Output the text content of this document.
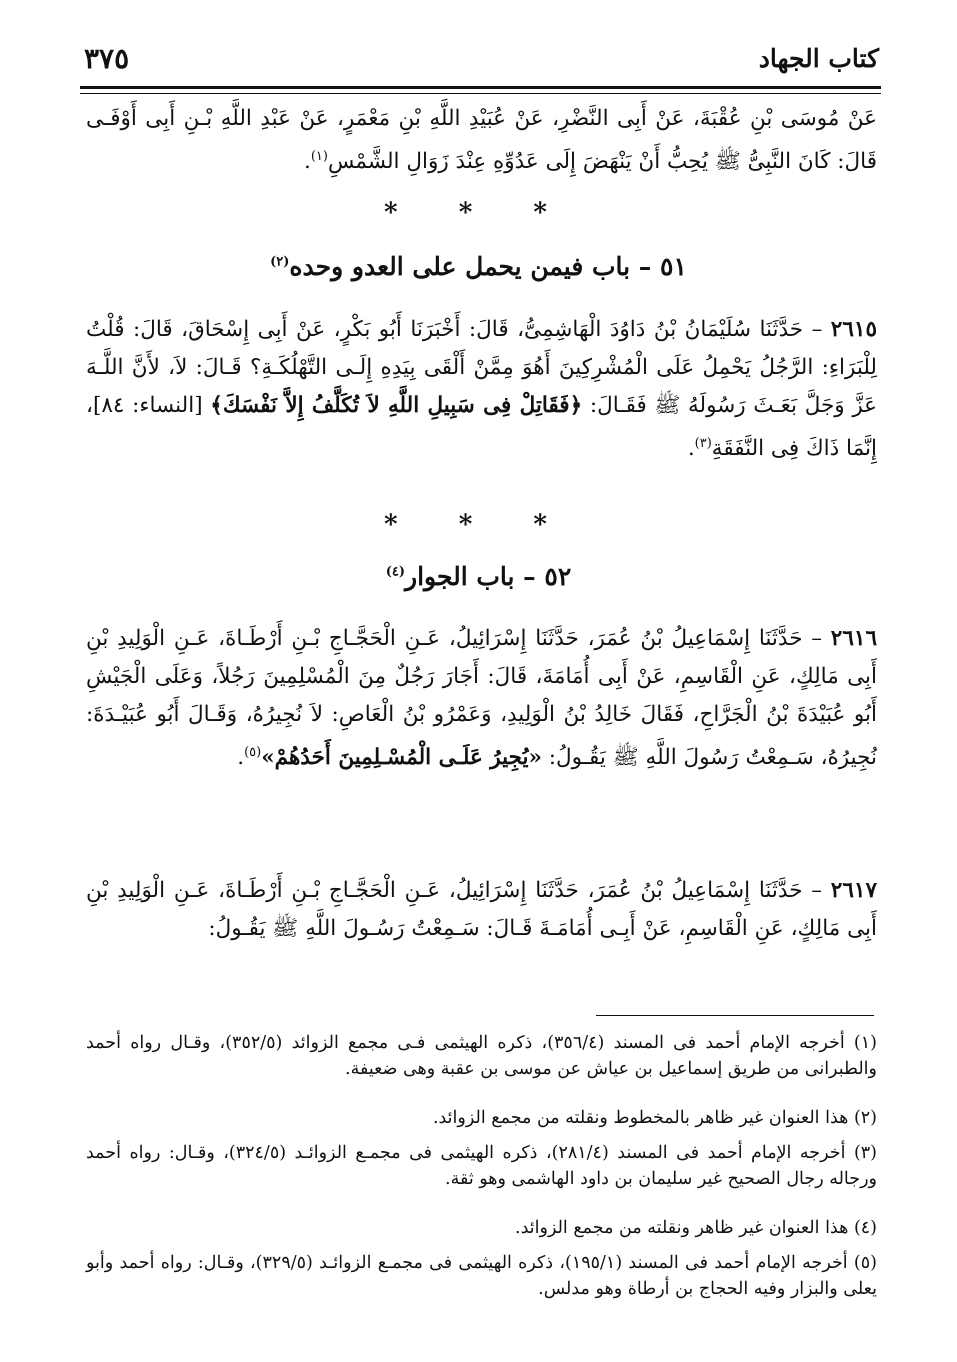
كتاب الجهاد
٣٧٥

عَنْ مُوسَى بْنِ عُقْبَةَ، عَنْ أَبِى النَّضْرِ، عَنْ عُبَيْدِ اللَّهِ بْنِ مَعْمَرٍ، عَنْ عَبْدِ اللَّهِ بْـنِ أَبِى أَوْفَـى قَالَ: كَانَ النَّبِىُّ ﷺ يُحِبُّ أَنْ يَنْهَضَ إِلَى عَدُوِّهِ عِنْدَ زَوَالِ الشَّمْسِ$^{(١)}$.

* * *
٥١ – باب فيمن يحمل على العدو وحده$^{(٢)}$

٢٦١٥ – حَدَّثَنَا سُلَيْمَانُ بْنُ دَاوُدَ الْهَاشِمِىُّ، قَالَ: أَخْبَرَنَا أَبُو بَكْرٍ، عَنْ أَبِى إِسْحَاقَ، قَالَ: قُلْتُ لِلْبَرَاءِ: الرَّجُلُ يَحْمِلُ عَلَى الْمُشْرِكِينَ أَهُوَ مِمَّنْ أَلْقَى بِيَدِهِ إِلَـى التَّهْلُكَـةِ؟ قَـالَ: لاَ، لأَنَّ اللَّـهَ عَزَّ وَجَلَّ بَعَـثَ رَسُولَهُ ﷺ فَقَـالَ: ﴿فَقَاتِلْ فِى سَبِيلِ اللَّهِ لاَ تُكَلَّفُ إِلاَّ نَفْسَكَ﴾ [النساء: ٨٤]، إِنَّمَا ذَاكَ فِى النَّفَقَةِ$^{(٣)}$.

* * *
٥٢ – باب الجوار$^{(٤)}$

٢٦١٦ – حَدَّثَنَا إِسْمَاعِيلُ بْنُ عُمَرَ، حَدَّثَنَا إِسْرَائِيلُ، عَـنِ الْحَجَّـاجِ بْـنِ أَرْطَـاةَ، عَـنِ الْوَلِيدِ بْنِ أَبِى مَالِكٍ، عَنِ الْقَاسِمِ، عَنْ أَبِى أُمَامَةَ، قَالَ: أَجَارَ رَجُلٌ مِنَ الْمُسْلِمِينَ رَجُلاً، وَعَلَى الْجَيْشِ أَبُو عُبَيْدَةَ بْنُ الْجَرَّاحِ، فَقَالَ خَالِدُ بْنُ الْوَلِيدِ، وَعَمْرُو بْنُ الْعَاصِ: لاَ نُجِيرُهُ، وَقَـالَ أَبُو عُبَيْـدَةَ: نُجِيرُهُ، سَـمِعْتُ رَسُولَ اللَّهِ ﷺ يَقُـولُ: «يُجِيرُ عَلَـى الْمُسْـلِمِينَ أَحَدُهُمْ»$^{(٥)}$.

٢٦١٧ – حَدَّثَنَا إِسْمَاعِيلُ بْنُ عُمَرَ، حَدَّثَنَا إِسْرَائِيلُ، عَـنِ الْحَجَّـاجِ بْـنِ أَرْطَـاةَ، عَـنِ الْوَلِيدِ بْنِ أَبِى مَالِكٍ، عَنِ الْقَاسِمِ، عَنْ أَبِـى أُمَامَـةَ قَـالَ: سَـمِعْتُ رَسُـولَ اللَّهِ ﷺ يَقُـولُ:

(١) أخرجه الإمام أحمد فى المسند (٣٥٦/٤)، ذكره الهيثمى فـى مجمع الزوائد (٣٥٢/٥)، وقـال رواه أحمد والطبرانى من طريق إسماعيل بن عياش عن موسى بن عقبة وهى ضعيفة.

(٢) هذا العنوان غير ظاهر بالمخطوط ونقلته من مجمع الزوائد.

(٣) أخرجه الإمام أحمد فى المسند (٢٨١/٤)، ذكره الهيثمى فى مجمـع الزوائـد (٣٢٤/٥)، وقـال: رواه أحمد ورجاله رجال الصحيح غير سليمان بن داود الهاشمى وهو ثقة.

(٤) هذا العنوان غير ظاهر ونقلته من مجمع الزوائد.

(٥) أخرجه الإمام أحمد فى المسند (١٩٥/١)، ذكره الهيثمى فى مجمـع الزوائـد (٣٢٩/٥)، وقـال: رواه أحمد وأبو يعلى والبزار وفيه الحجاج بن أرطاة وهو مدلس.
